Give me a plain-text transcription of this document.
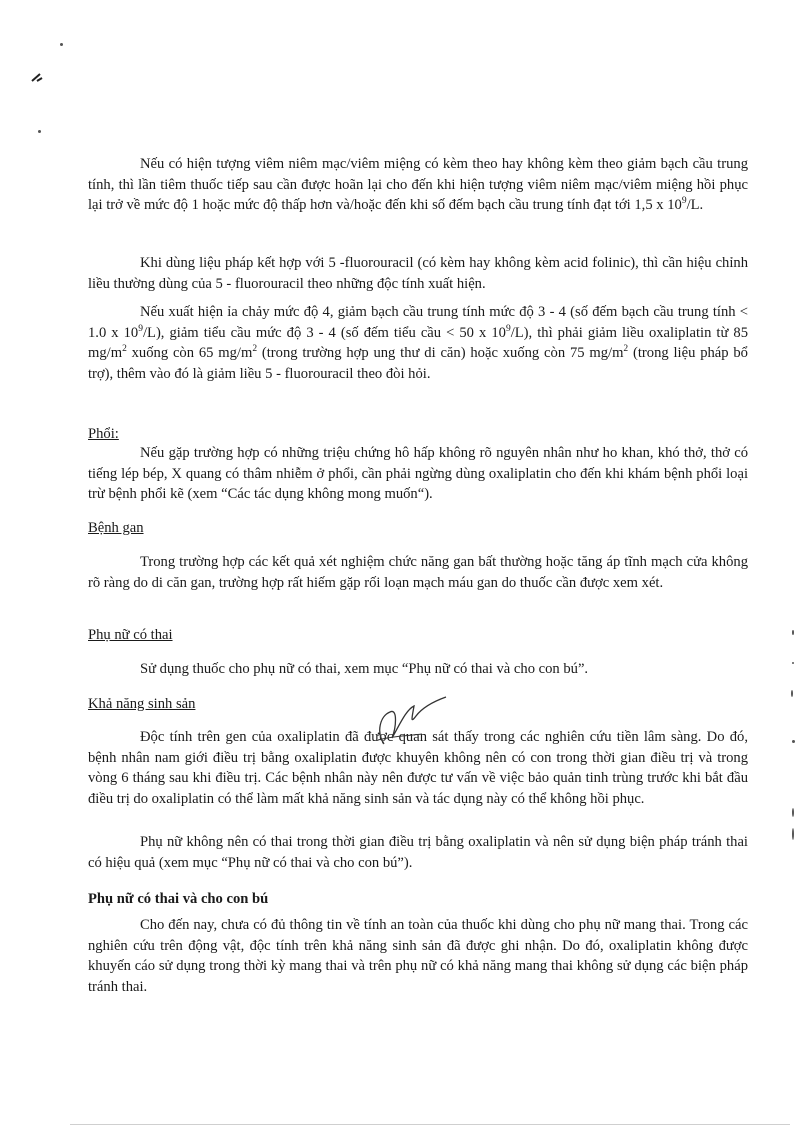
Nếu có hiện tượng viêm niêm mạc/viêm miệng có kèm theo hay không kèm theo giảm bạch cầu trung tính, thì lần tiêm thuốc tiếp sau cần được hoãn lại cho đến khi hiện tượng viêm niêm mạc/viêm miệng hồi phục lại trở về mức độ 1 hoặc mức độ thấp hơn và/hoặc đến khi số đếm bạch cầu trung tính đạt tới 1,5 x $10^9/L$.
Khi dùng liệu pháp kết hợp với 5 -fluorouracil (có kèm hay không kèm acid folinic), thì cần hiệu chỉnh liều thường dùng của 5 - fluorouracil theo những độc tính xuất hiện.
Nếu xuất hiện ỉa chảy mức độ 4, giảm bạch cầu trung tính mức độ 3 - 4 (số đếm bạch cầu trung tính < 1.0 x $10^9/L$), giảm tiểu cầu mức độ 3 - 4 (số đếm tiểu cầu < 50 x $10^9/L$), thì phải giảm liều oxaliplatin từ 85 $mg/m^2$ xuống còn 65 $mg/m^2$ (trong trường hợp ung thư di căn) hoặc xuống còn 75 $mg/m^2$ (trong liệu pháp bổ trợ), thêm vào đó là giảm liều 5 - fluorouracil theo đòi hỏi.
Phổi:
Nếu gặp trường hợp có những triệu chứng hô hấp không rõ nguyên nhân như ho khan, khó thở, thở có tiếng lép bép, X quang có thâm nhiễm ở phổi, cần phải ngừng dùng oxaliplatin cho đến khi khám bệnh phổi loại trừ bệnh phổi kẽ (xem “Các tác dụng không mong muốn“).
Bệnh gan
Trong trường hợp các kết quả xét nghiệm chức năng gan bất thường hoặc tăng áp tĩnh mạch cửa không rõ ràng do di căn gan, trường hợp rất hiếm gặp rối loạn mạch máu gan do thuốc cần được xem xét.
Phụ nữ có thai
Sử dụng thuốc cho phụ nữ có thai, xem mục “Phụ nữ có thai và cho con bú”.
Khả năng sinh sản
Độc tính trên gen của oxaliplatin đã được quan sát thấy trong các nghiên cứu tiền lâm sàng. Do đó, bệnh nhân nam giới điều trị bằng oxaliplatin được khuyên không nên có con trong thời gian điều trị và trong vòng 6 tháng sau khi điều trị. Các bệnh nhân này nên được tư vấn về việc bảo quản tinh trùng trước khi bắt đầu điều trị do oxaliplatin có thể làm mất khả năng sinh sản và tác dụng này có thể không hồi phục.
Phụ nữ không nên có thai trong thời gian điều trị bằng oxaliplatin và nên sử dụng biện pháp tránh thai có hiệu quả (xem mục “Phụ nữ có thai và cho con bú”).
Phụ nữ có thai và cho con bú
Cho đến nay, chưa có đủ thông tin về tính an toàn của thuốc khi dùng cho phụ nữ mang thai. Trong các nghiên cứu trên động vật, độc tính trên khả năng sinh sản đã được ghi nhận. Do đó, oxaliplatin không được khuyến cáo sử dụng trong thời kỳ mang thai và trên phụ nữ có khả năng mang thai không sử dụng các biện pháp tránh thai.
